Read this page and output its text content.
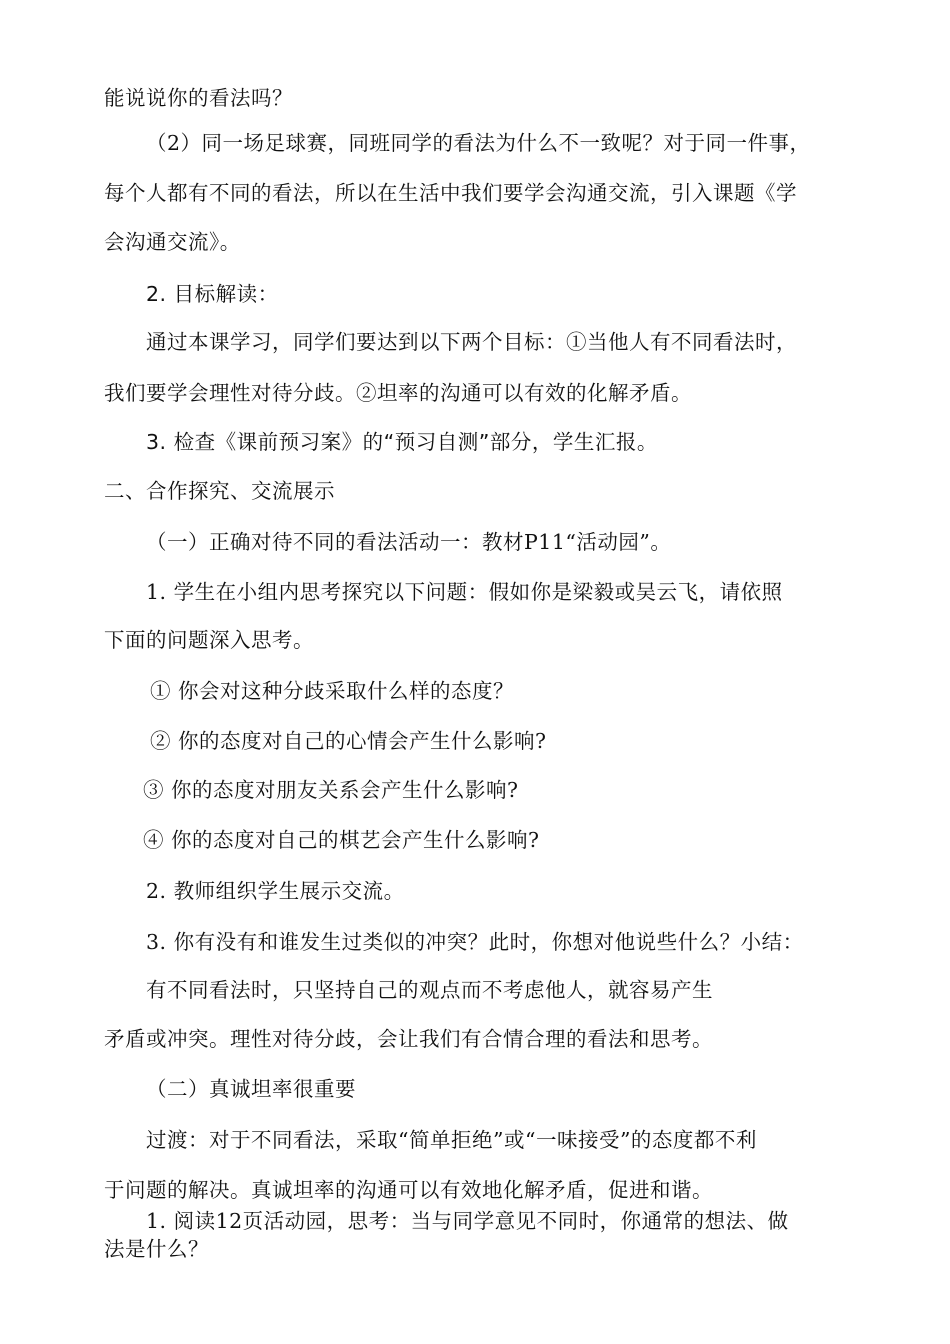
能说说你的看法吗？
（2）同一场足球赛，同班同学的看法为什么不一致呢？对于同一件事，
每个人都有不同的看法，所以在生活中我们要学会沟通交流，引入课题《学
会沟通交流》。
2. 目标解读：
通过本课学习，同学们要达到以下两个目标：①当他人有不同看法时，
我们要学会理性对待分歧。②坦率的沟通可以有效的化解矛盾。
3. 检查《课前预习案》的“预习自测”部分，学生汇报。
二、合作探究、交流展示
（一）正确对待不同的看法活动一：教材P11“活动园”。
1. 学生在小组内思考探究以下问题：假如你是梁毅或吴云飞，请依照
下面的问题深入思考。
① 你会对这种分歧采取什么样的态度？
② 你的态度对自己的心情会产生什么影响?
③ 你的态度对朋友关系会产生什么影响?
④ 你的态度对自己的棋艺会产生什么影响?
2. 教师组织学生展示交流。
3. 你有没有和谁发生过类似的冲突？此时，你想对他说些什么？小结：
有不同看法时，只坚持自己的观点而不考虑他人，就容易产生
矛盾或冲突。理性对待分歧，会让我们有合情合理的看法和思考。
（二）真诚坦率很重要
过渡：对于不同看法，采取“简单拒绝”或“一味接受”的态度都不利
于问题的解决。真诚坦率的沟通可以有效地化解矛盾，促进和谐。
1. 阅读12页活动园，思考：当与同学意见不同时，你通常的想法、做
法是什么？
